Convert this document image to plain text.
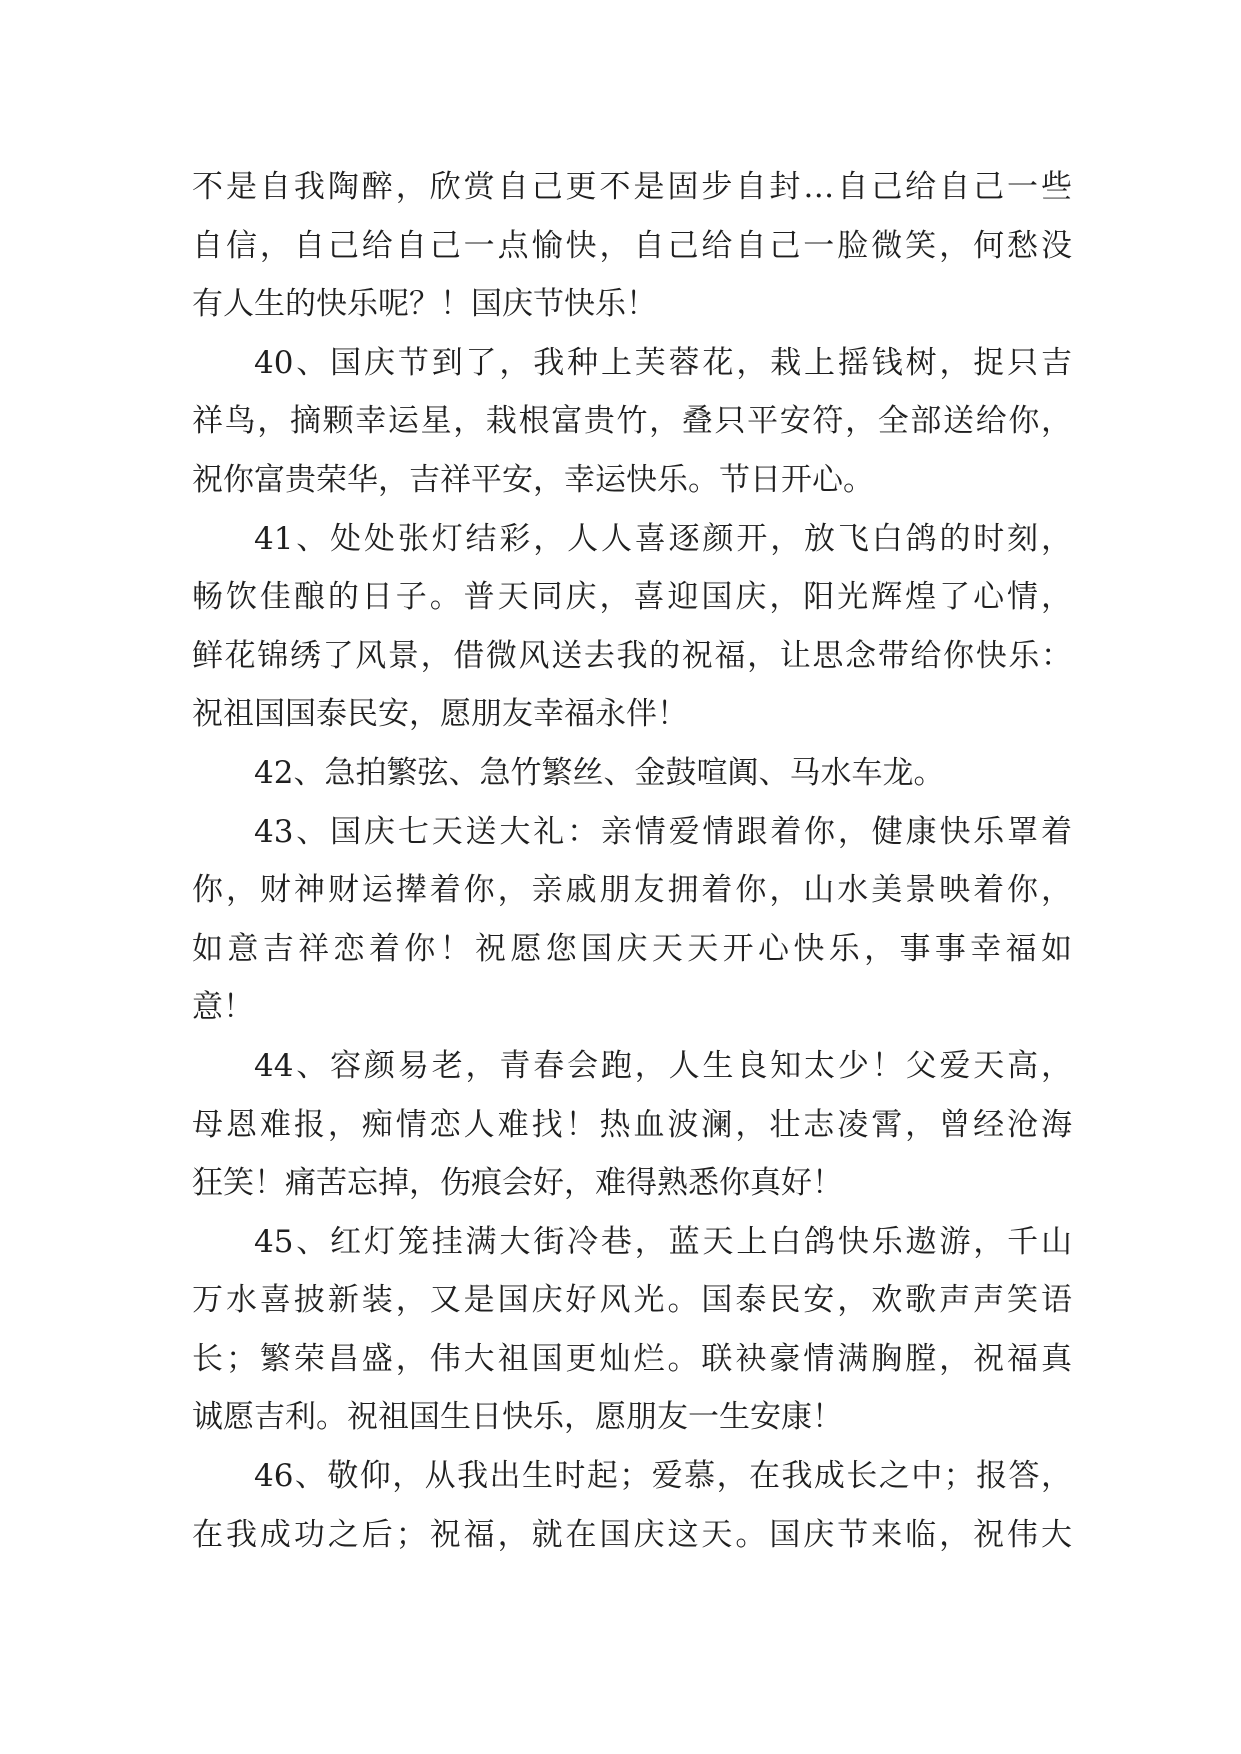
不是自我陶醉，欣赏自己更不是固步自封…自己给自己一些
自信，自己给自己一点愉快，自己给自己一脸微笑，何愁没
有人生的快乐呢？！国庆节快乐！
40、国庆节到了，我种上芙蓉花，栽上摇钱树，捉只吉
祥鸟，摘颗幸运星，栽根富贵竹，叠只平安符，全部送给你，
祝你富贵荣华，吉祥平安，幸运快乐。节日开心。
41、处处张灯结彩，人人喜逐颜开，放飞白鸽的时刻，
畅饮佳酿的日子。普天同庆，喜迎国庆，阳光辉煌了心情，
鲜花锦绣了风景，借微风送去我的祝福，让思念带给你快乐：
祝祖国国泰民安，愿朋友幸福永伴！
42、急拍繁弦、急竹繁丝、金鼓喧阗、马水车龙。
43、国庆七天送大礼：亲情爱情跟着你，健康快乐罩着
你，财神财运撵着你，亲戚朋友拥着你，山水美景映着你，
如意吉祥恋着你！祝愿您国庆天天开心快乐，事事幸福如
意！
44、容颜易老，青春会跑，人生良知太少！父爱天高，
母恩难报，痴情恋人难找！热血波澜，壮志凌霄，曾经沧海
狂笑！痛苦忘掉，伤痕会好，难得熟悉你真好！
45、红灯笼挂满大街冷巷，蓝天上白鸽快乐遨游，千山
万水喜披新装，又是国庆好风光。国泰民安，欢歌声声笑语
长；繁荣昌盛，伟大祖国更灿烂。联袂豪情满胸膛，祝福真
诚愿吉利。祝祖国生日快乐，愿朋友一生安康！
46、敬仰，从我出生时起；爱慕，在我成长之中；报答，
在我成功之后；祝福，就在国庆这天。国庆节来临，祝伟大
